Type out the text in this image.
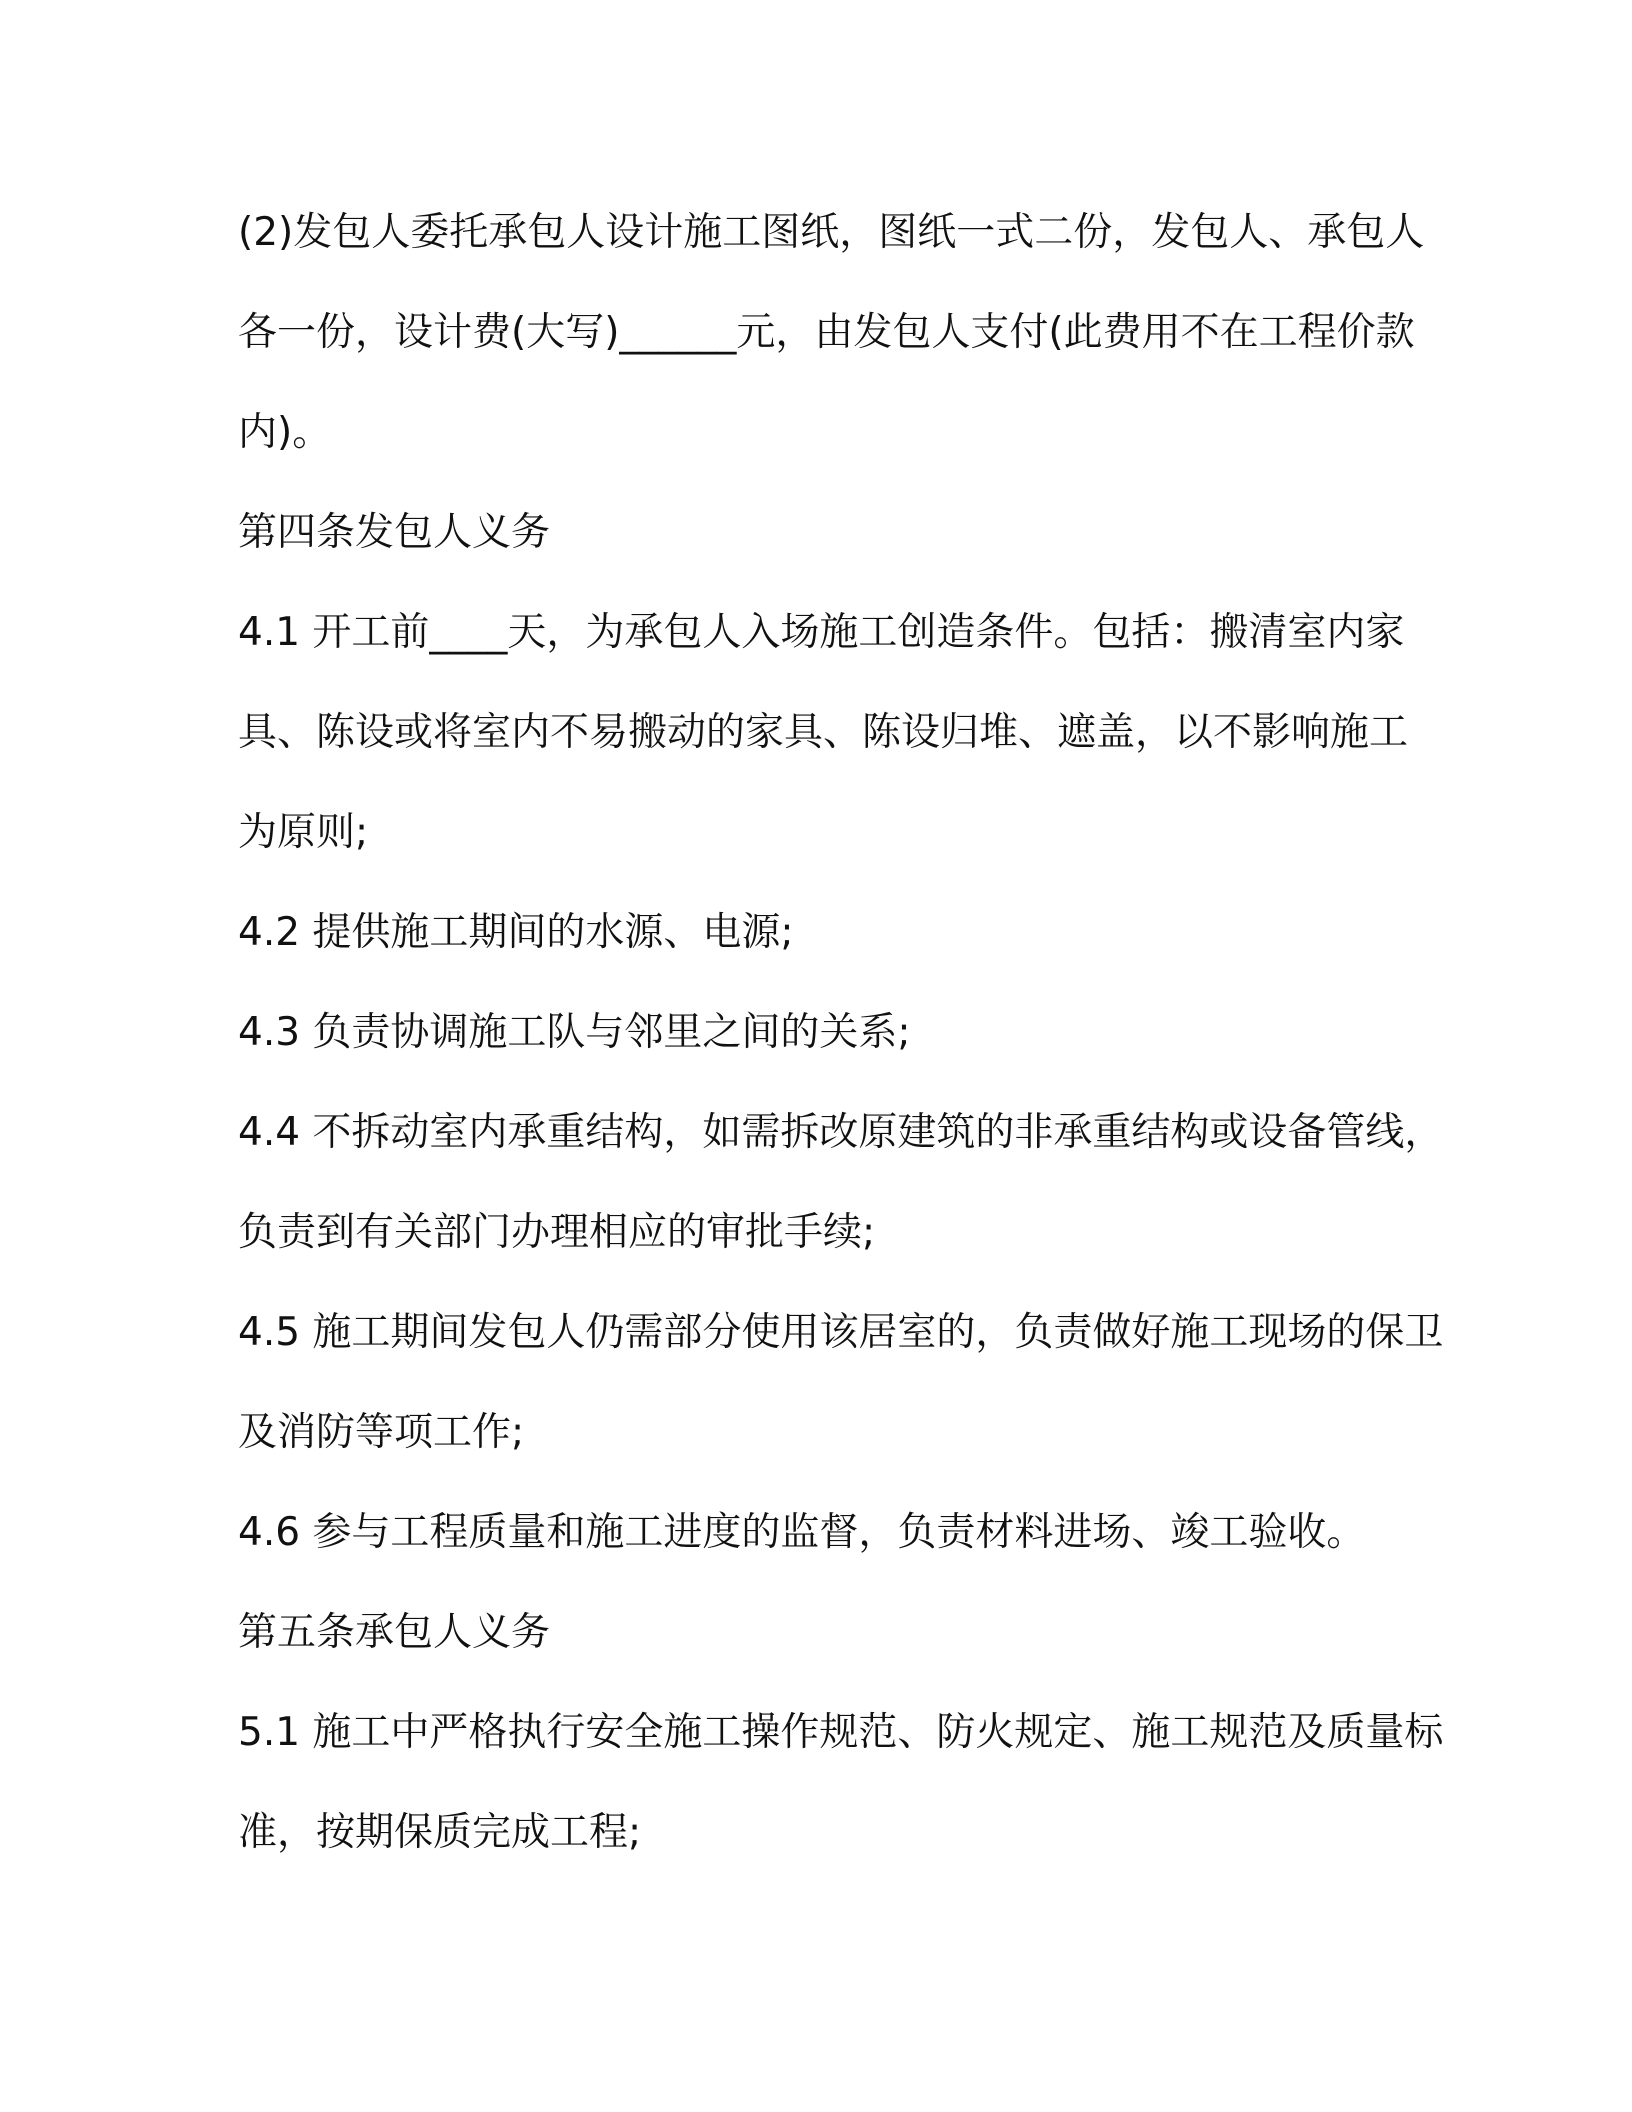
(2)发包人委托承包人设计施工图纸，图纸一式二份，发包人、承包人

各一份，设计费(大写)______元，由发包人支付(此费用不在工程价款

内)。

第四条发包人义务

4.1 开工前____天，为承包人入场施工创造条件。包括：搬清室内家

具、陈设或将室内不易搬动的家具、陈设归堆、遮盖，以不影响施工

为原则;

4.2 提供施工期间的水源、电源;

4.3 负责协调施工队与邻里之间的关系;

4.4 不拆动室内承重结构，如需拆改原建筑的非承重结构或设备管线，

负责到有关部门办理相应的审批手续;

4.5 施工期间发包人仍需部分使用该居室的，负责做好施工现场的保卫

及消防等项工作;

4.6 参与工程质量和施工进度的监督，负责材料进场、竣工验收。

第五条承包人义务

5.1 施工中严格执行安全施工操作规范、防火规定、施工规范及质量标

准，按期保质完成工程;
